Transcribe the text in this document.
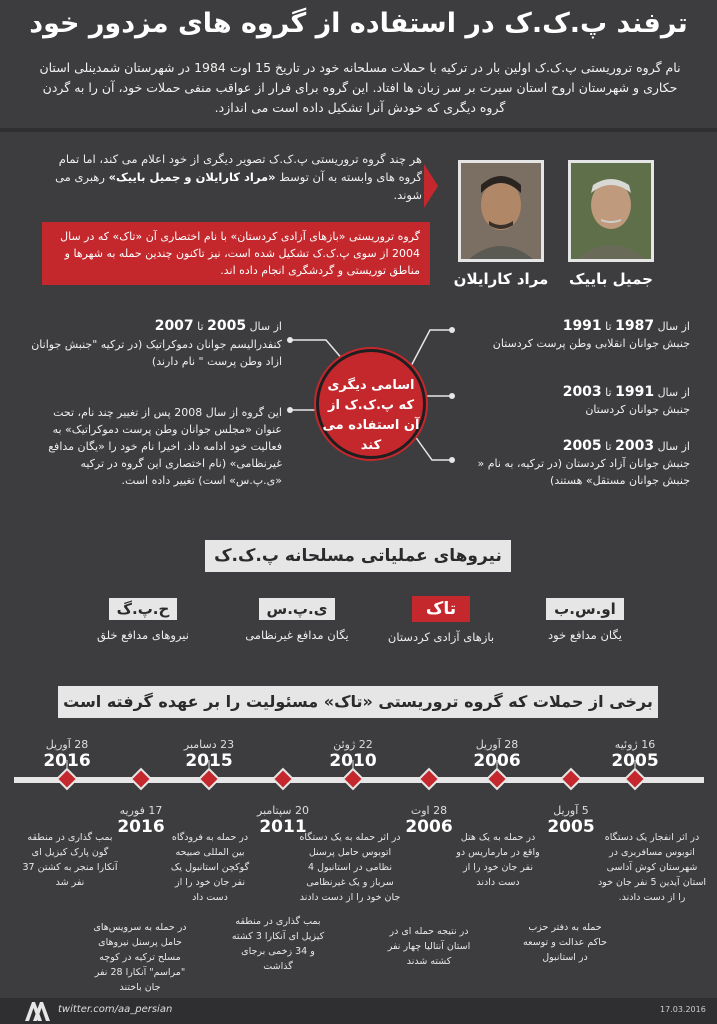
ترفند پ.ک.ک در استفاده از گروه های مزدور خود
نام گروه تروریستی پ.ک.ک اولین بار در ترکیه با حملات مسلحانه خود در تاریخ 15 اوت 1984 در شهرستان شمدینلی استان حکاری و شهرستان اروح استان سیرت بر سر زبان ها افتاد. این گروه برای فرار از عواقب منفی حملات خود، آن را به گردن گروه دیگری که خودش آنرا تشکیل داده است می اندازد.
هر چند گروه تروریستی پ.ک.ک تصویر دیگری از خود اعلام می کند، اما تمام گروه های وابسته به آن توسط «مراد کارایلان و جمیل باییک» رهبری می شوند.
گروه تروریستی «بازهای آزادی کردستان» با نام اختصاری آن «تاک» که در سال 2004 از سوی پ.ک.ک تشکیل شده است، نیز تاکنون چندین حمله به شهرها و مناطق توریستی و گردشگری انجام داده اند.	مراد کارایلان	جمیل باییک
اسامی دیگری که پ.ک.ک از آن استفاده می کند
از سال 2005 تا 2007
کنفدرالیسم جوانان دموکراتیک (در ترکیه "جنبش جوانان ازاد وطن پرست " نام دارند)
این گروه از سال 2008 پس از تغییر چند نام، تحت عنوان «مجلس جوانان وطن پرست دموکراتیک» به فعالیت خود ادامه داد. اخیرا نام خود را «یگان مدافع غیرنظامی» (نام اختصاری این گروه در ترکیه «ی.پ.س» است) تغییر داده است.
از سال 1987 تا 1991
جنبش جوانان انقلابی وطن پرست کردستان
از سال 1991 تا 2003
جنبش جوانان کردستان
از سال 2003 تا 2005
جنبش جوانان آزاد کردستان (در ترکیه، به نام « جنبش جوانان مستقل» هستند)
نیروهای عملیاتی مسلحانه پ.ک.ک
او.س.ب
یگان مدافع خود
تاک
بازهای آزادی کردستان
ی.پ.س
یگان مدافع غیرنظامی
ح.پ.گ
نیروهای مدافع خلق
برخی از حملات که گروه تروریستی «تاک» مسئولیت را بر عهده گرفته است
16 ژوئیه
2005
28 آوریل
2006
22 ژوئن
2010
23 دسامبر
2015
28 آوریل
2016
5 آوریل
2005
28 اوت
2006
20 سپتامبر
2011
17 فوریه
2016
در اثر انفجار یک دستگاه اتوبوس مسافربری در شهرستان کوش آداسی استان آیدین 5 نفر جان خود را از دست دادند.
در حمله به یک هتل واقع در مارماریس دو نفر جان خود را از دست دادند
در اثر حمله به یک دستگاه اتوبوس حامل پرسنل نظامی در استانبول 4 سرباز و یک غیرنظامی جان خود را از دست دادند
در حمله به فرودگاه بین المللی صبیحه گوکچن استانبول یک نفر جان خود را از دست داد
بمب گذاری در منطقه گون پارک کیزیل ای آنکارا منجر به کشتن 37 نفر شد
حمله به دفتر حزب حاکم عدالت و توسعه در استانبول
در نتیجه حمله ای در استان آنتالیا چهار نفر کشته شدند
بمب گذاری در منطقه کیزیل ای آنکارا 3 کشته و 34 زخمی برجای گذاشت
در حمله به سرویس‌های حامل پرسنل نیروهای مسلح ترکیه در کوچه "مراسم" آنکارا 28 نفر جان باختند
twitter.com/aa_persian	17.03.2016
